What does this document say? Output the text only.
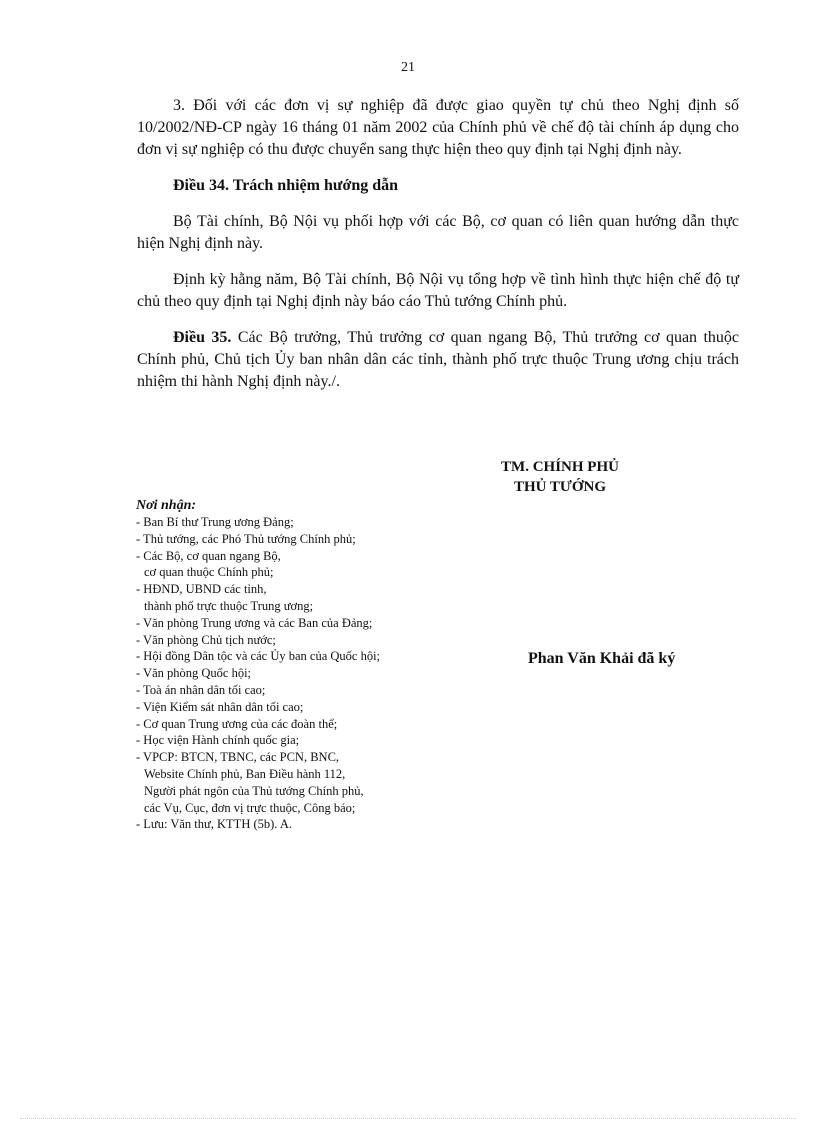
21

3. Đối với các đơn vị sự nghiệp đã được giao quyền tự chủ theo Nghị định số 10/2002/NĐ-CP ngày 16 tháng 01 năm 2002 của Chính phủ về chế độ tài chính áp dụng cho đơn vị sự nghiệp có thu được chuyển sang thực hiện theo quy định tại Nghị định này.

Điều 34. Trách nhiệm hướng dẫn

Bộ Tài chính, Bộ Nội vụ phối hợp với các Bộ, cơ quan có liên quan hướng dẫn thực hiện Nghị định này.

Định kỳ hằng năm, Bộ Tài chính, Bộ Nội vụ tổng hợp về tình hình thực hiện chế độ tự chủ theo quy định tại Nghị định này báo cáo Thủ tướng Chính phủ.

Điều 35. Các Bộ trưởng, Thủ trưởng cơ quan ngang Bộ, Thủ trưởng cơ quan thuộc Chính phủ, Chủ tịch Ủy ban nhân dân các tỉnh, thành phố trực thuộc Trung ương chịu trách nhiệm thi hành Nghị định này./.

TM. CHÍNH PHỦ
THỦ TƯỚNG
Phan Văn Khải đã ký
Nơi nhận:
- Ban Bí thư Trung ương Đảng;
- Thủ tướng, các Phó Thủ tướng Chính phủ;
- Các Bộ, cơ quan ngang Bộ,
cơ quan thuộc Chính phủ;
- HĐND, UBND các tỉnh,
thành phố trực thuộc Trung ương;
- Văn phòng Trung ương và các Ban của Đảng;
- Văn phòng Chủ tịch nước;
- Hội đồng Dân tộc và các Ủy ban của Quốc hội;
- Văn phòng Quốc hội;
- Toà án nhân dân tối cao;
- Viện Kiểm sát nhân dân tối cao;
- Cơ quan Trung ương của các đoàn thể;
- Học viện Hành chính quốc gia;
- VPCP: BTCN, TBNC, các PCN, BNC,
Website Chính phủ, Ban Điều hành 112,
Người phát ngôn của Thủ tướng Chính phủ,
các Vụ, Cục, đơn vị trực thuộc, Công báo;
- Lưu: Văn thư, KTTH (5b). A.
